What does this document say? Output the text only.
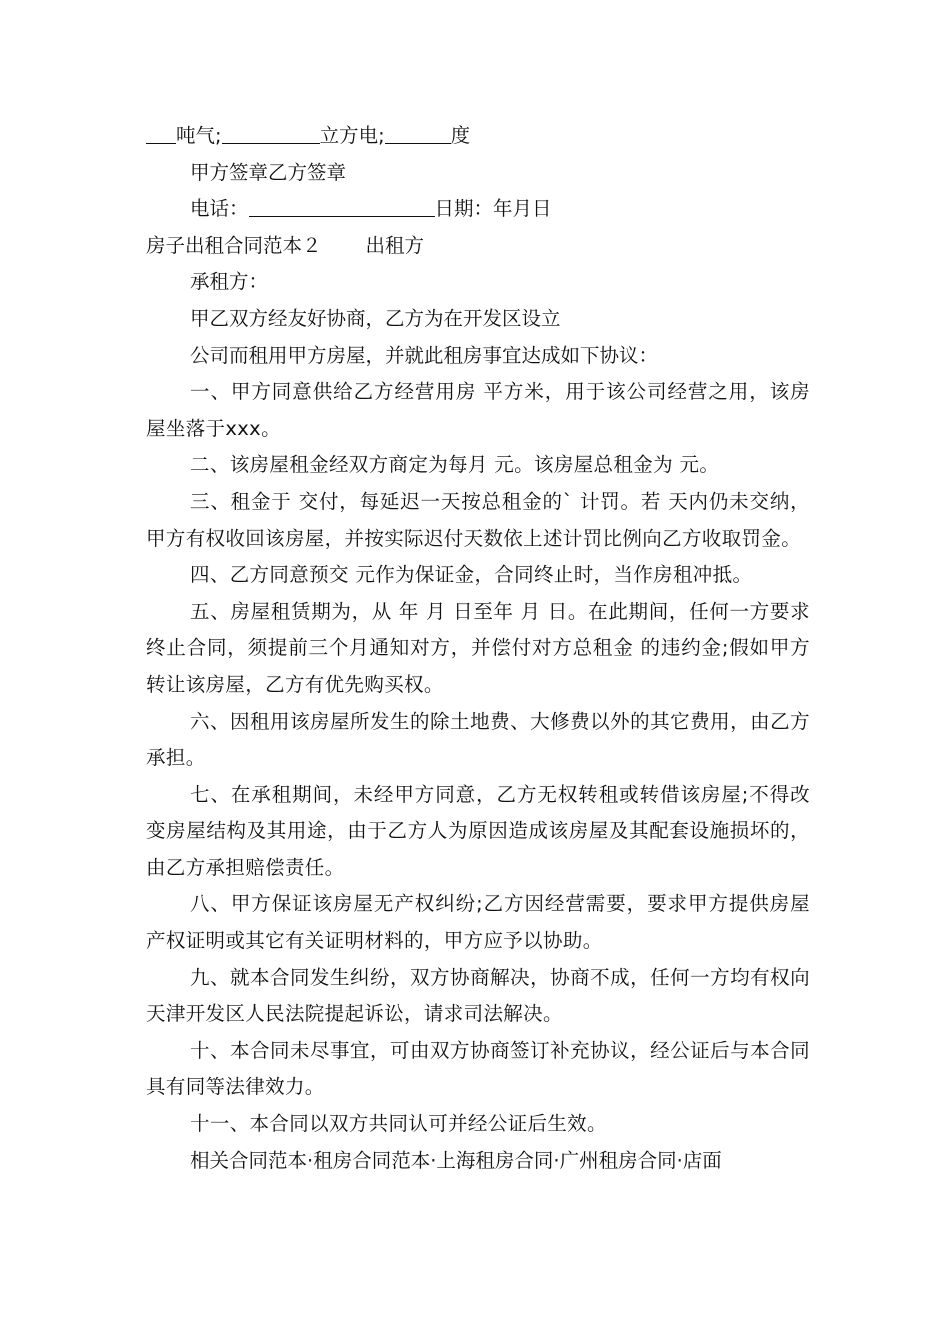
吨气;	立方电;	度
甲方签章乙方签章
电话：	日期：年月日
房子出租合同范本２ 出租方
承租方：
甲乙双方经友好协商，乙方为在开发区设立
公司而租用甲方房屋，并就此租房事宜达成如下协议：
一、甲方同意供给乙方经营用房 平方米，用于该公司经营之用，该房屋坐落于xxx。
二、该房屋租金经双方商定为每月 元。该房屋总租金为 元。
三、租金于 交付，每延迟一天按总租金的` 计罚。若 天内仍未交纳，甲方有权收回该房屋，并按实际迟付天数依上述计罚比例向乙方收取罚金。
四、乙方同意预交 元作为保证金，合同终止时，当作房租冲抵。
五、房屋租赁期为，从 年 月 日至年 月 日。在此期间，任何一方要求终止合同，须提前三个月通知对方，并偿付对方总租金 的违约金;假如甲方转让该房屋，乙方有优先购买权。
六、因租用该房屋所发生的除土地费、大修费以外的其它费用，由乙方承担。
七、在承租期间，未经甲方同意，乙方无权转租或转借该房屋;不得改变房屋结构及其用途，由于乙方人为原因造成该房屋及其配套设施损坏的，由乙方承担赔偿责任。
八、甲方保证该房屋无产权纠纷;乙方因经营需要，要求甲方提供房屋产权证明或其它有关证明材料的，甲方应予以协助。
九、就本合同发生纠纷，双方协商解决，协商不成，任何一方均有权向天津开发区人民法院提起诉讼，请求司法解决。
十、本合同未尽事宜，可由双方协商签订补充协议，经公证后与本合同具有同等法律效力。
十一、本合同以双方共同认可并经公证后生效。
相关合同范本·租房合同范本·上海租房合同·广州租房合同·店面
